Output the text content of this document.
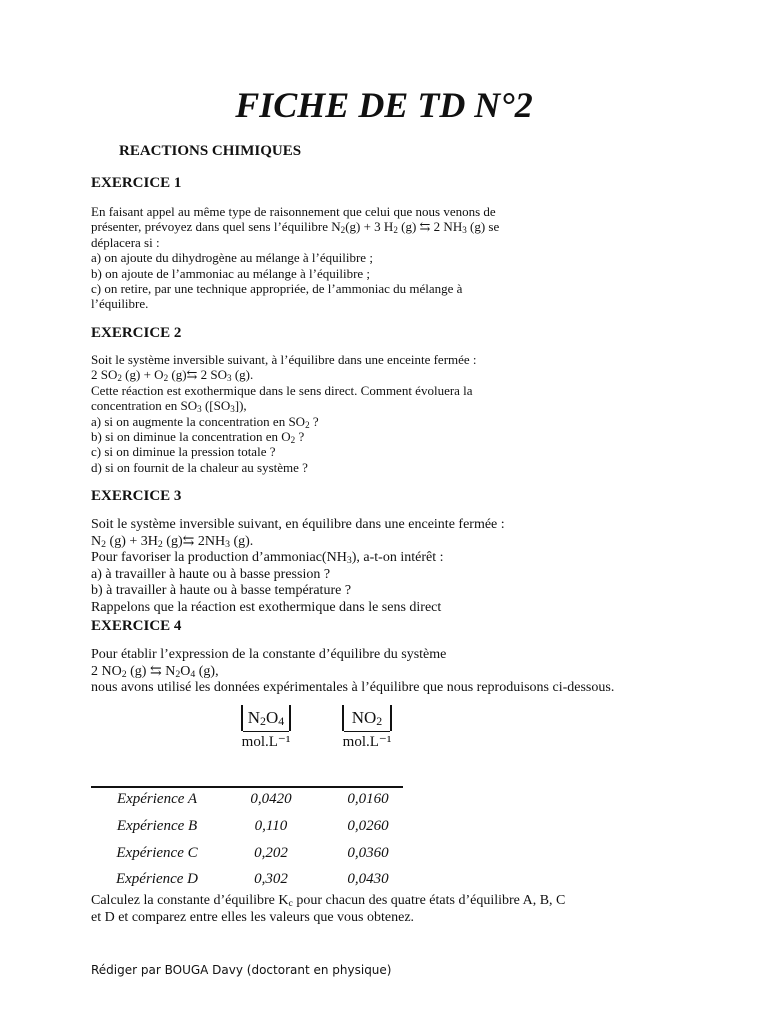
FICHE DE TD N°2
REACTIONS CHIMIQUES
EXERCICE 1
En faisant appel au même type de raisonnement que celui que nous venons de
présenter, prévoyez dans quel sens l’équilibre $N_2(g) + 3$ $H_2$ (g) ⇆ 2 $NH_3$ (g) se
déplacera si :
a) on ajoute du dihydrogène au mélange à l’équilibre ;
b) on ajoute de l’ammoniac au mélange à l’équilibre ;
c) on retire, par une technique appropriée, de l’ammoniac du mélange à
l’équilibre.
EXERCICE 2
Soit le système inversible suivant, à l’équilibre dans une enceinte fermée :
2 $SO_2$ $(g) + O_2$ (g)⇆ 2 $SO_3$ (g).
Cette réaction est exothermique dans le sens direct. Comment évoluera la
concentration en $SO_3$ $([SO_3])$,
a) si on augmente la concentration en $SO_2$ ?
b) si on diminue la concentration en $O_2$ ?
c) si on diminue la pression totale ?
d) si on fournit de la chaleur au système ?
EXERCICE 3
Soit le système inversible suivant, en équilibre dans une enceinte fermée :
$N_2$ $(g) + 3H_2$ (g)⇆ $2NH_3$ (g).
Pour favoriser la production $d’ammoniac(NH_3)$, a-t-on intérêt :
a) à travailler à haute ou à basse pression ?
b) à travailler à haute ou à basse température ?
Rappelons que la réaction est exothermique dans le sens direct
EXERCICE 4
Pour établir l’expression de la constante d’équilibre du système
2 $NO_2$ (g) ⇆ $N_2O_4$ (g),
nous avons utilisé les données expérimentales à l’équilibre que nous reproduisons ci-dessous.
$N_2O_4$
mol.L⁻¹
$NO_2$
mol.L⁻¹
Expérience A	0,0420	0,0160
Expérience B	0,110	0,0260
Expérience C	0,202	0,0360
Expérience D	0,302	0,0430
Calculez la constante d’équilibre $K_c$ pour chacun des quatre états d’équilibre A, B, C
et D et comparez entre elles les valeurs que vous obtenez.

Rédiger par BOUGA Davy (doctorant en physique)
